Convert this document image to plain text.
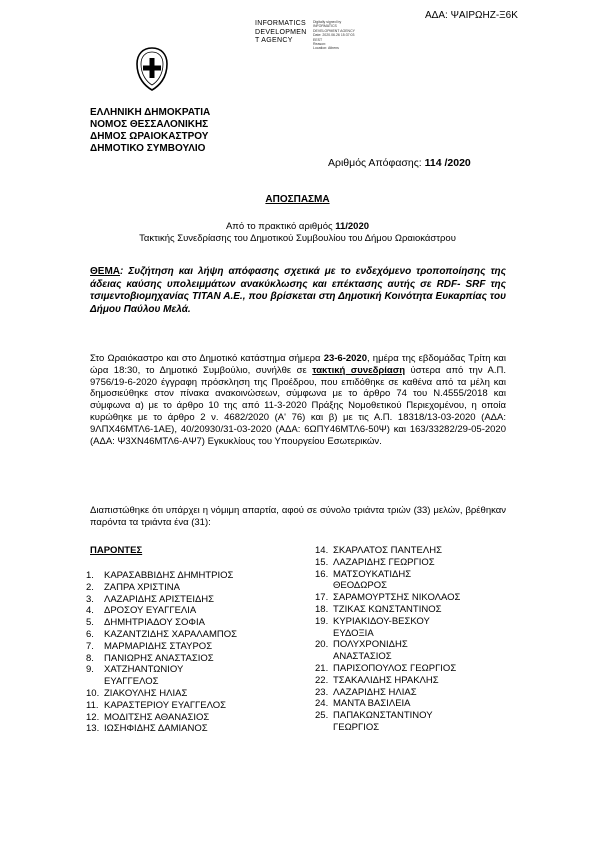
ΑΔΑ: ΨΑΙΡΩΗΖ-Ξ6Κ
INFORMATICS
DEVELOPMEN
T AGENCY
Digitally signed by
INFORMATICS
DEVELOPMENT AGENCY
Date: 2020.06.26 15:37:03
EEST
Reason:
Location: Athens
ΕΛΛΗΝΙΚΗ ΔΗΜΟΚΡΑΤΙΑ
ΝΟΜΟΣ ΘΕΣΣΑΛΟΝΙΚΗΣ
ΔΗΜΟΣ ΩΡΑΙΟΚΑΣΤΡΟΥ
ΔΗΜΟΤΙΚΟ ΣΥΜΒΟΥΛΙΟ
Αριθμός Απόφασης: 114 /2020
ΑΠΟΣΠΑΣΜΑ
Από το πρακτικό αριθμός 11/2020
Τακτικής Συνεδρίασης του Δημοτικού Συμβουλίου του Δήμου Ωραιοκάστρου
ΘΕΜΑ: Συζήτηση και λήψη απόφασης σχετικά με το ενδεχόμενο τροποποίησης της άδειας καύσης υπολειμμάτων ανακύκλωσης και επέκτασης αυτής σε RDF- SRF της τσιμεντοβιομηχανίας ΤΙΤΑΝ Α.Ε., που βρίσκεται στη Δημοτική Κοινότητα Ευκαρπίας του Δήμου Παύλου Μελά.
Στο Ωραιόκαστρο και στο Δημοτικό κατάστημα σήμερα 23-6-2020, ημέρα της εβδομάδας Τρίτη και ώρα 18:30, το Δημοτικό Συμβούλιο, συνήλθε σε τακτική συνεδρίαση ύστερα από την Α.Π. 9756/19-6-2020 έγγραφη πρόσκληση της Προέδρου, που επιδόθηκε σε καθένα από τα μέλη και δημοσιεύθηκε στον πίνακα ανακοινώσεων, σύμφωνα με το άρθρο 74 του Ν.4555/2018 και σύμφωνα α) με το άρθρο 10 της από 11-3-2020 Πράξης Νομοθετικού Περιεχομένου, η οποία κυρώθηκε με το άρθρο 2 ν. 4682/2020 (Α' 76) και β) με τις Α.Π. 18318/13-03-2020 (ΑΔΑ: 9ΛΠΧ46ΜΤΛ6-1ΑΕ), 40/20930/31-03-2020 (ΑΔΑ: 6ΩΠΥ46ΜΤΛ6-50Ψ) και 163/33282/29-05-2020 (ΑΔΑ: Ψ3ΧΝ46ΜΤΛ6-ΑΨ7) Εγκυκλίους του Υπουργείου Εσωτερικών.
Διαπιστώθηκε ότι υπάρχει η νόμιμη απαρτία, αφού σε σύνολο τριάντα τριών (33) μελών, βρέθηκαν παρόντα τα τριάντα ένα (31):
ΠΑΡΟΝΤΕΣ
1.	ΚΑΡΑΣΑΒΒΙΔΗΣ ΔΗΜΗΤΡΙΟΣ
2.	ΖΑΠΡΑ ΧΡΙΣΤΙΝΑ
3.	ΛΑΖΑΡΙΔΗΣ ΑΡΙΣΤΕΙΔΗΣ
4.	ΔΡΟΣΟΥ ΕΥΑΓΓΕΛΙΑ
5.	ΔΗΜΗΤΡΙΑΔΟΥ ΣΟΦΙΑ
6.	ΚΑΖΑΝΤΖΙΔΗΣ ΧΑΡΑΛΑΜΠΟΣ
7.	ΜΑΡΜΑΡΙΔΗΣ ΣΤΑΥΡΟΣ
8.	ΠΑΝΙΩΡΗΣ ΑΝΑΣΤΑΣΙΟΣ
9.	ΧΑΤΖΗΑΝΤΩΝΙΟΥ
ΕΥΑΓΓΕΛΟΣ
10. ΖΙΑΚΟΥΛΗΣ ΗΛΙΑΣ
11. ΚΑΡΑΣΤΕΡΙΟΥ ΕΥΑΓΓΕΛΟΣ
12. ΜΟΔΙΤΣΗΣ ΑΘΑΝΑΣΙΟΣ
13. ΙΩΣΗΦΙΔΗΣ ΔΑΜΙΑΝΟΣ
14. ΣΚΑΡΛΑΤΟΣ ΠΑΝΤΕΛΗΣ
15. ΛΑΖΑΡΙΔΗΣ ΓΕΩΡΓΙΟΣ
16. ΜΑΤΣΟΥΚΑΤΙΔΗΣ
ΘΕΟΔΩΡΟΣ
17. ΣΑΡΑΜΟΥΡΤΣΗΣ ΝΙΚΟΛΑΟΣ
18. ΤΖΙΚΑΣ ΚΩΝΣΤΑΝΤΙΝΟΣ
19. ΚΥΡΙΑΚΙΔΟΥ-ΒΕΣΚΟΥ
ΕΥΔΟΞΙΑ
20. ΠΟΛΥΧΡΟΝΙΔΗΣ
ΑΝΑΣΤΑΣΙΟΣ
21. ΠΑΡΙΣΟΠΟΥΛΟΣ ΓΕΩΡΓΙΟΣ
22. ΤΣΑΚΑΛΙΔΗΣ ΗΡΑΚΛΗΣ
23. ΛΑΖΑΡΙΔΗΣ ΗΛΙΑΣ
24. ΜΑΝΤΑ ΒΑΣΙΛΕΙΑ
25. ΠΑΠΑΚΩΝΣΤΑΝΤΙΝΟΥ
ΓΕΩΡΓΙΟΣ
